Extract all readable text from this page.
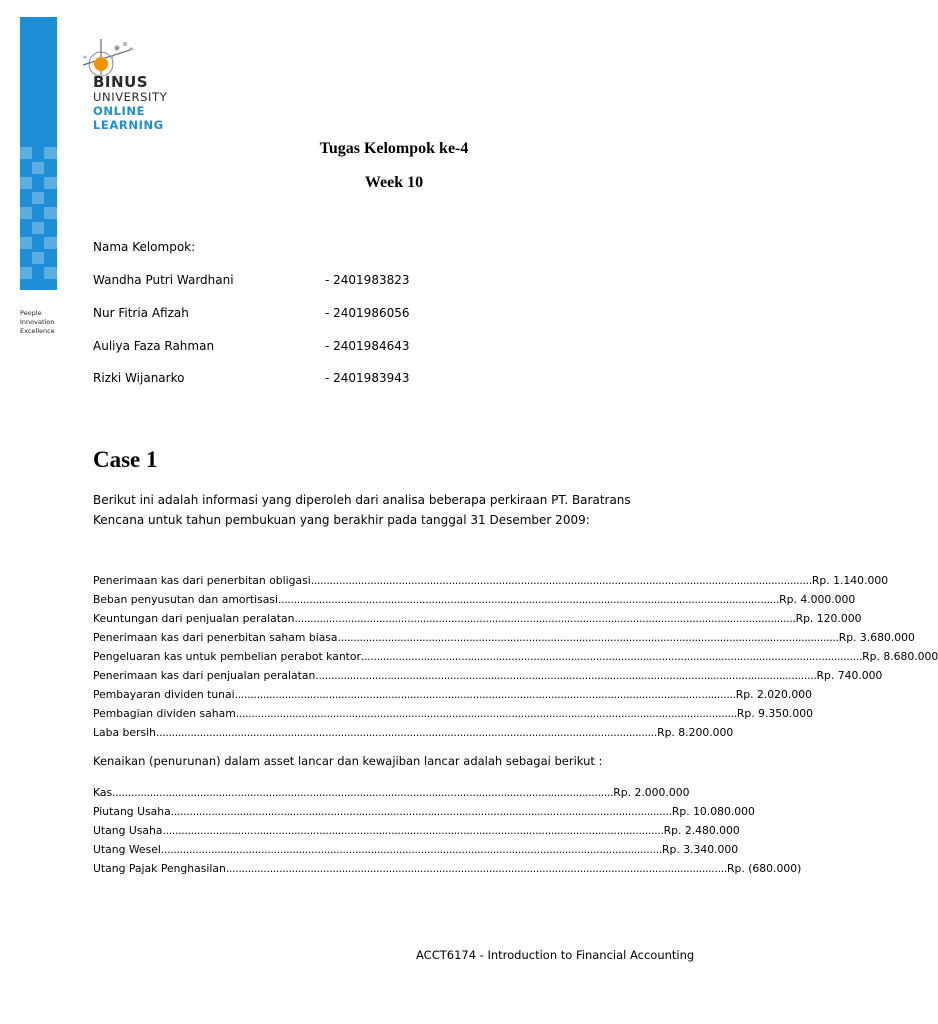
BINUS
UNIVERSITY
ONLINE
LEARNING
People
Innovation
Excellence
Tugas Kelompok ke-4
Week 10
Nama Kelompok:
Wandha Putri Wardhani	- 2401983823
Nur Fitria Afizah	- 2401986056
Auliya Faza Rahman	- 2401984643
Rizki Wijanarko	- 2401983943
Case 1
Berikut ini adalah informasi yang diperoleh dari analisa beberapa perkiraan PT. Baratrans Kencana untuk tahun pembukuan yang berakhir pada tanggal 31 Desember 2009:
Penerimaan kas dari penerbitan obligasi ................................................................................................................................................................ Rp. 1.140.000
Beban penyusutan dan amortisasi ................................................................................................................................................................ Rp. 4.000.000
Keuntungan dari penjualan peralatan ................................................................................................................................................................ Rp. 120.000
Penerimaan kas dari penerbitan saham biasa ................................................................................................................................................................ Rp. 3.680.000
Pengeluaran kas untuk pembelian perabot kantor ................................................................................................................................................................ Rp. 8.680.000
Penerimaan kas dari penjualan peralatan ................................................................................................................................................................ Rp. 740.000
Pembayaran dividen tunai ................................................................................................................................................................ Rp. 2.020.000
Pembagian dividen saham ................................................................................................................................................................ Rp. 9.350.000
Laba bersih ................................................................................................................................................................ Rp. 8.200.000
Kenaikan (penurunan) dalam asset lancar dan kewajiban lancar adalah sebagai berikut :
Kas ................................................................................................................................................................ Rp. 2.000.000
Piutang Usaha ................................................................................................................................................................ Rp. 10.080.000
Utang Usaha ................................................................................................................................................................ Rp. 2.480.000
Utang Wesel ................................................................................................................................................................ Rp. 3.340.000
Utang Pajak Penghasilan ................................................................................................................................................................ Rp. (680.000)
ACCT6174 - Introduction to Financial Accounting
